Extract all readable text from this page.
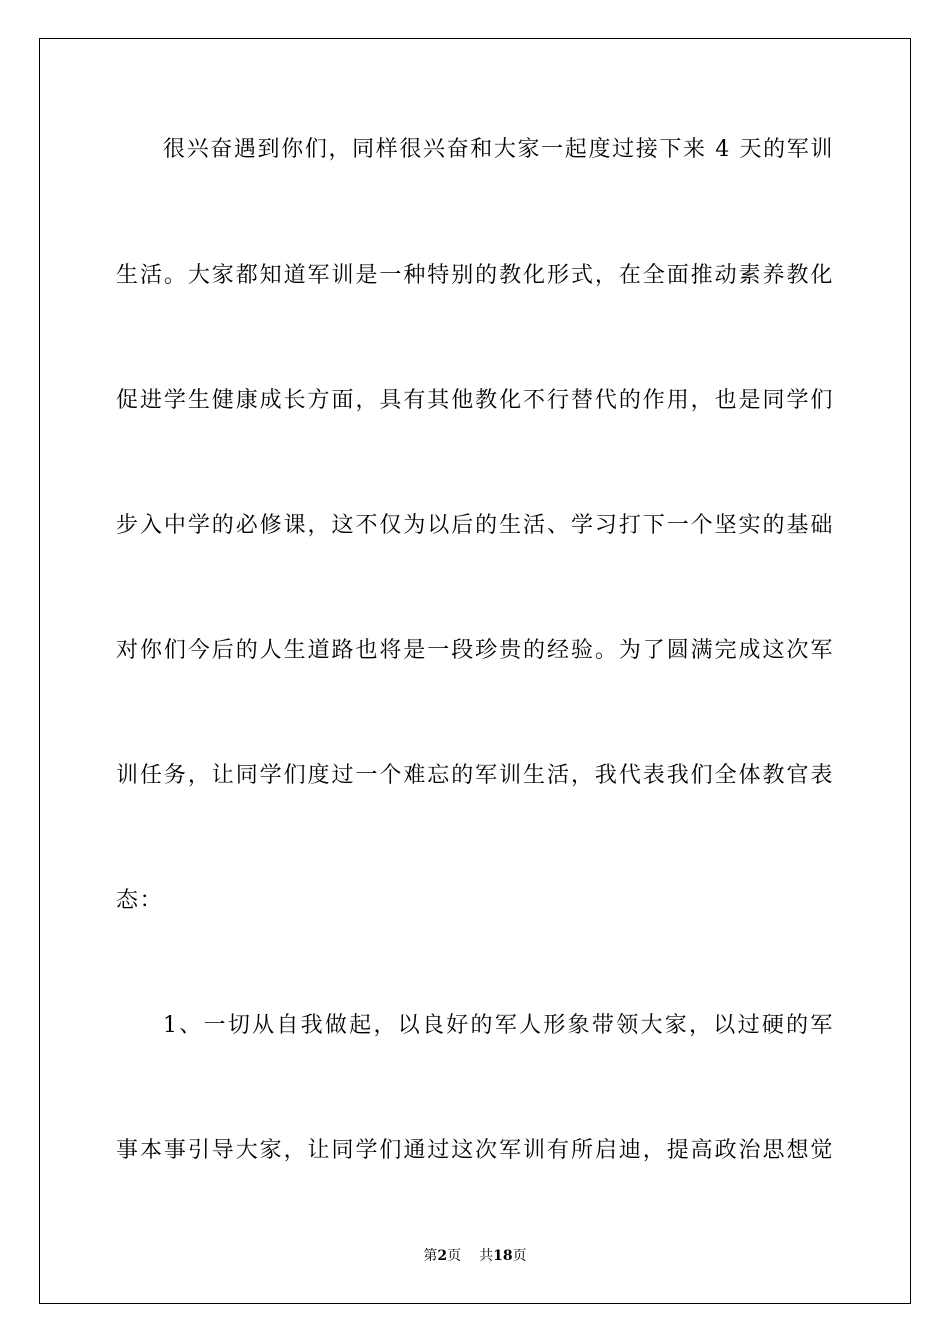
很兴奋遇到你们，同样很兴奋和大家一起度过接下来 4 天的军训
生活。大家都知道军训是一种特别的教化形式，在全面推动素养教化
促进学生健康成长方面，具有其他教化不行替代的作用，也是同学们
步入中学的必修课，这不仅为以后的生活、学习打下一个坚实的基础
对你们今后的人生道路也将是一段珍贵的经验。为了圆满完成这次军
训任务，让同学们度过一个难忘的军训生活，我代表我们全体教官表
态：
1、一切从自我做起，以良好的军人形象带领大家，以过硬的军
事本事引导大家，让同学们通过这次军训有所启迪，提高政治思想觉
第2页 共18页
